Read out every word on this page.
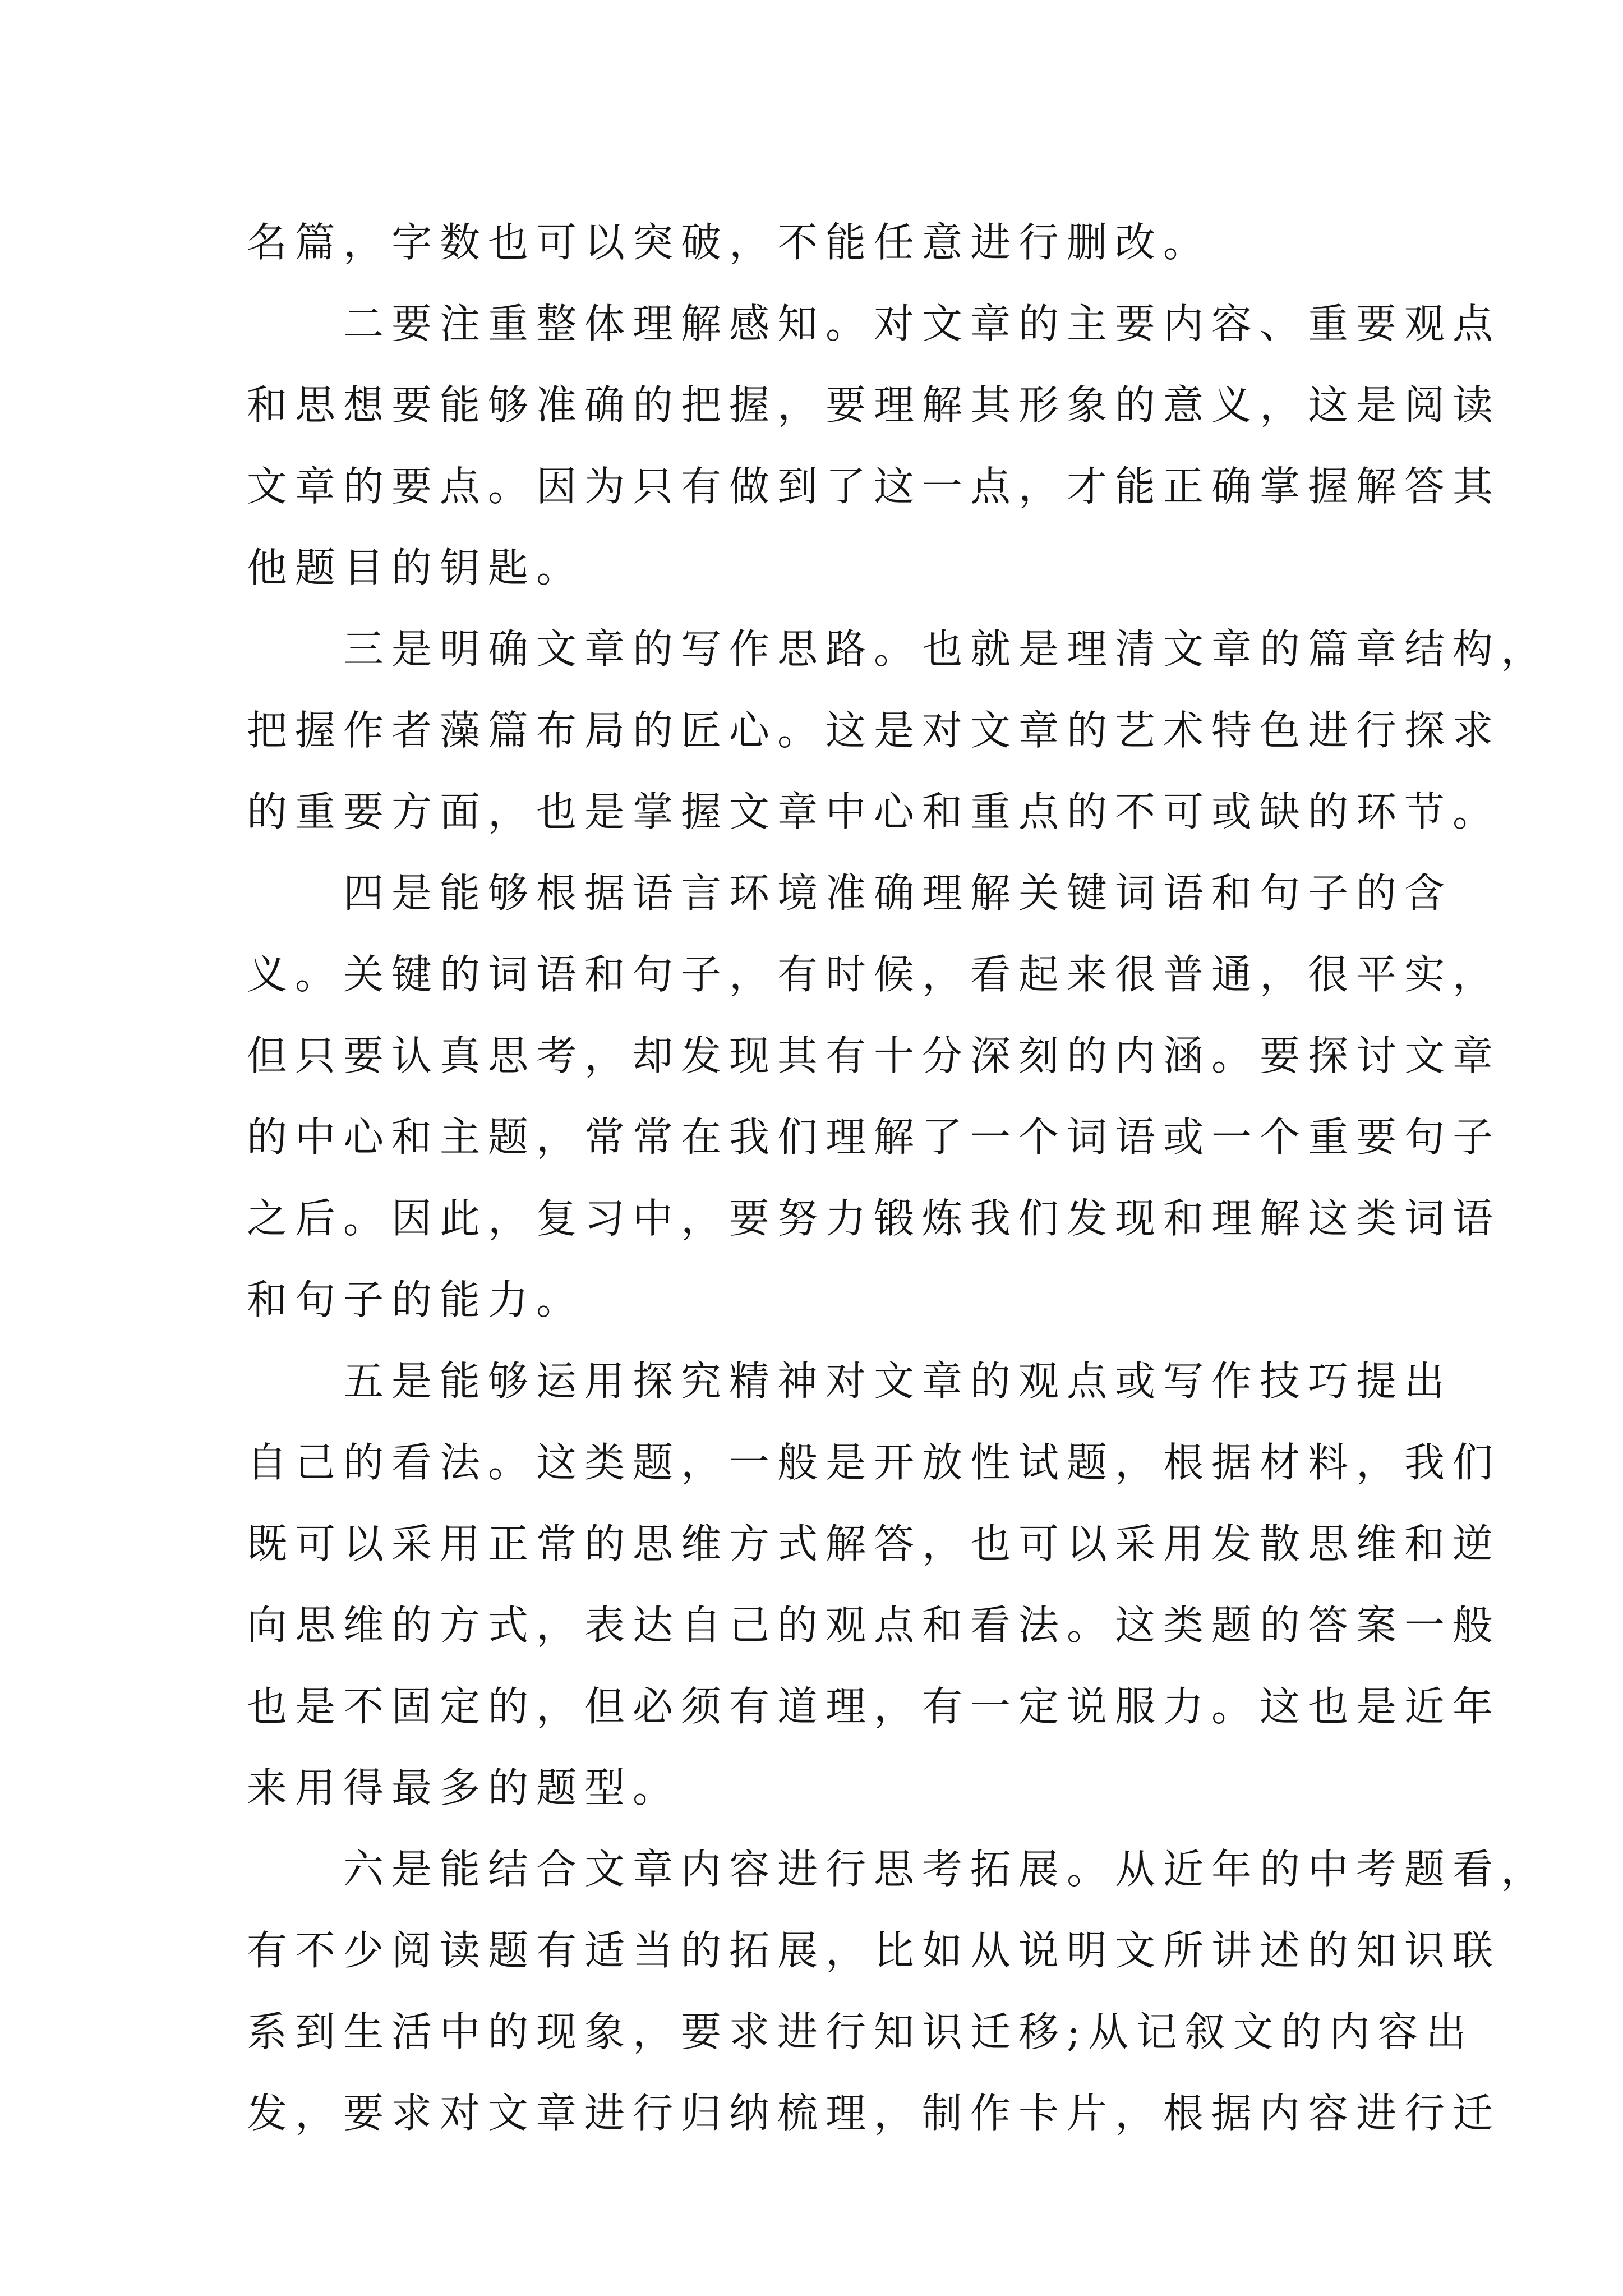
名篇，字数也可以突破，不能任意进行删改。
　　二要注重整体理解感知。对文章的主要内容、重要观点
和思想要能够准确的把握，要理解其形象的意义，这是阅读
文章的要点。因为只有做到了这一点，才能正确掌握解答其
他题目的钥匙。
　　三是明确文章的写作思路。也就是理清文章的篇章结构，
把握作者藻篇布局的匠心。这是对文章的艺术特色进行探求
的重要方面，也是掌握文章中心和重点的不可或缺的环节。
　　四是能够根据语言环境准确理解关键词语和句子的含
义。关键的词语和句子，有时候，看起来很普通，很平实，
但只要认真思考，却发现其有十分深刻的内涵。要探讨文章
的中心和主题，常常在我们理解了一个词语或一个重要句子
之后。因此，复习中，要努力锻炼我们发现和理解这类词语
和句子的能力。
　　五是能够运用探究精神对文章的观点或写作技巧提出
自己的看法。这类题，一般是开放性试题，根据材料，我们
既可以采用正常的思维方式解答，也可以采用发散思维和逆
向思维的方式，表达自己的观点和看法。这类题的答案一般
也是不固定的，但必须有道理，有一定说服力。这也是近年
来用得最多的题型。
　　六是能结合文章内容进行思考拓展。从近年的中考题看，
有不少阅读题有适当的拓展，比如从说明文所讲述的知识联
系到生活中的现象，要求进行知识迁移;从记叙文的内容出
发，要求对文章进行归纳梳理，制作卡片，根据内容进行迁
